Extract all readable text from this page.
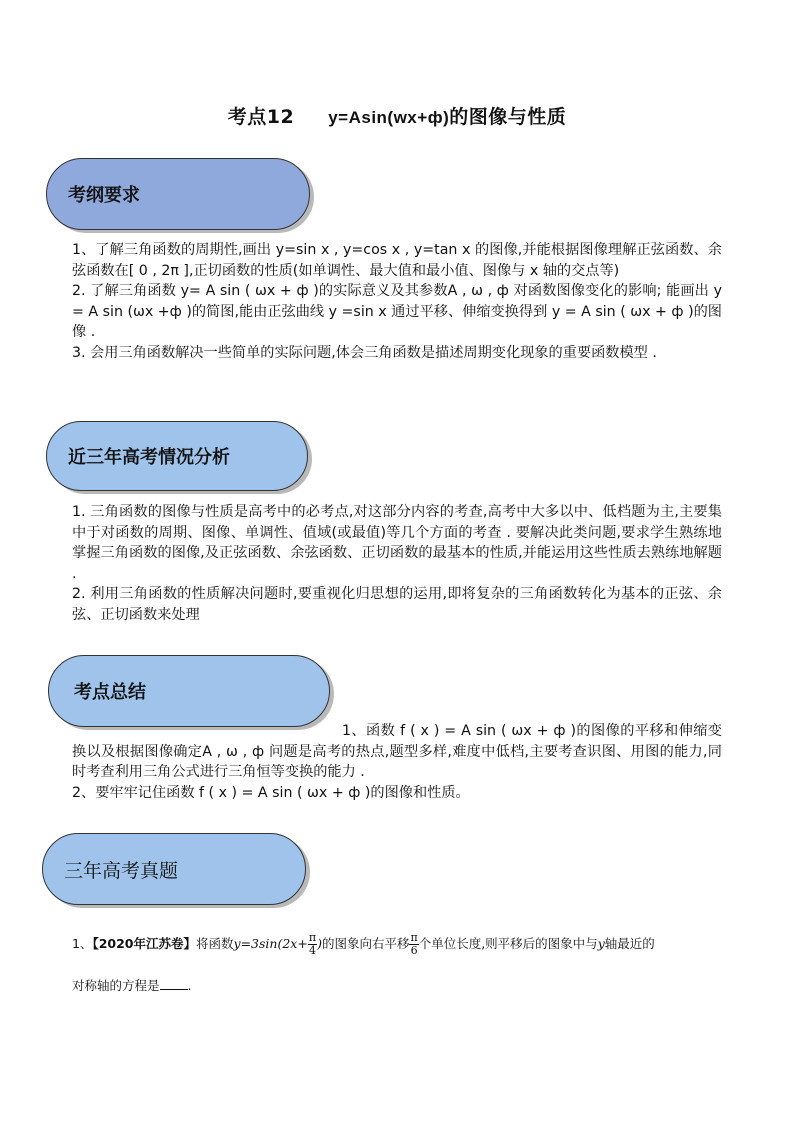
考点12 y=Asin(wx+ф)的图像与性质
考纲要求

1、了解三角函数的周期性,画出 y=sin x , y=cos x , y=tan x 的图像,并能根据图像理解正弦函数、余弦函数在[ 0 , 2π ],正切函数的性质(如单调性、最大值和最小值、图像与 x 轴的交点等)

2. 了解三角函数 y= A sin ( ωx + ф )的实际意义及其参数A , ω , ф 对函数图像变化的影响; 能画出 y = A sin (ωx +ф )的简图,能由正弦曲线 y =sin x 通过平移、伸缩变换得到 y = A sin ( ωx + ф )的图像 .

3. 会用三角函数解决一些简单的实际问题,体会三角函数是描述周期变化现象的重要函数模型 .

近三年高考情况分析

1. 三角函数的图像与性质是高考中的必考点,对这部分内容的考查,高考中大多以中、低档题为主,主要集中于对函数的周期、图像、单调性、值域(或最值)等几个方面的考查 . 要解决此类问题,要求学生熟练地掌握三角函数的图像,及正弦函数、余弦函数、正切函数的最基本的性质,并能运用这些性质去熟练地解题 .

2. 利用三角函数的性质解决问题时,要重视化归思想的运用,即将复杂的三角函数转化为基本的正弦、余弦、正切函数来处理

考点总结

1、函数 f ( x ) = A sin ( ωx + ф )的图像的平移和伸缩变换以及根据图像确定A , ω , ф 问题是高考的热点,题型多样,难度中低档,主要考查识图、用图的能力,同时考查利用三角公式进行三角恒等变换的能力 .

2、要牢牢记住函数 f ( x ) = A sin ( ωx + ф )的图像和性质。

三年高考真题
1、【2020年江苏卷】将函数$y=3\sin(2x+ \frac{\pi}{4}$ )的图象向右平移 $\frac{\pi}{6}$ 个单位长度,则平移后的图象中与y轴最近的
对称轴的方程是 .
